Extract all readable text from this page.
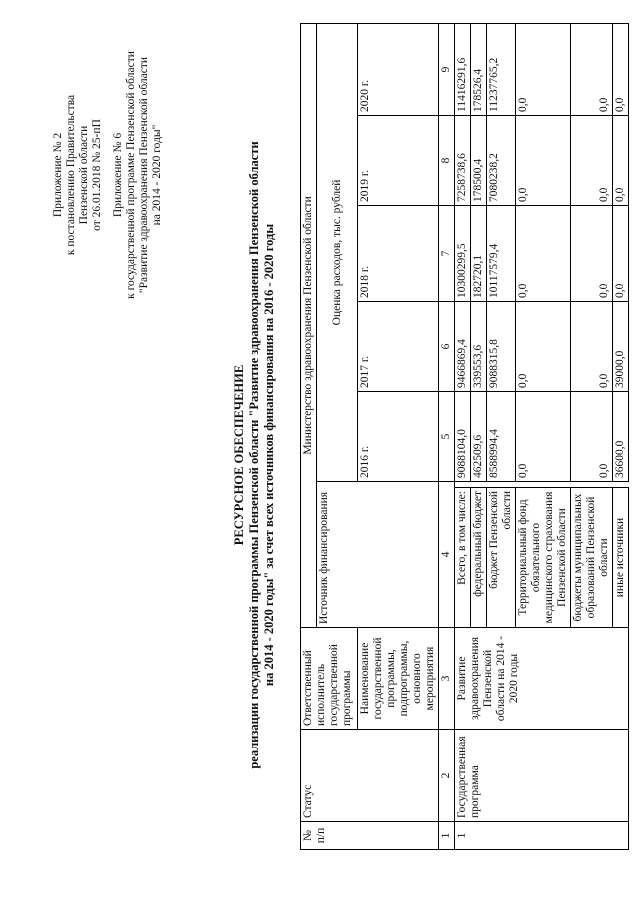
Приложение № 2 к постановлению Правительства Пензенской области от 26.01.2018 № 25-пП Приложение № 6 к государственной программе Пензенской области "Развитие здравоохранения Пензенской области на 2014 - 2020 годы"
РЕСУРСНОЕ ОБЕСПЕЧЕНИЕ реализации государственной программы Пензенской области "Развитие здравоохранения Пензенской области на 2014 - 2020 годы" за счет всех источников финансирования на 2016 - 2020 годы
№ п/п	Статус	Ответственный исполнитель государственной программы	Министерство здравоохранения Пензенской области						
			Источник финансирования		Оценка расходов, тыс. рублей				
		Наименование государственной программы, подпрограммы, основного мероприятия			2016 г.	2017 г.	2018 г.	2019 г.	2020 г.
1	2	3	4		5	6	7	8	9
1	Государственная программа	Развитие здравоохранения Пензенской области на 2014 - 2020 годы	Всего, в том числе:		9088104,0	9466869,4	10300299,5	7258738,6	11416291,6
			федеральный бюджет		462509,6	339553,6	182720,1	178500,4	178526,4
			бюджет Пензенской области		8588994,4	9088315,8	10117579,4	7080238,2	11237765,2
			Территориальный фонд обязательного медицинского страхования Пензенской области		0,0	0,0	0,0	0,0	0,0
			бюджеты муниципальных образований Пензенской области		0,0	0,0	0,0	0,0	0,0
			иные источники		36600,0	39000,0	0,0	0,0	0,0
